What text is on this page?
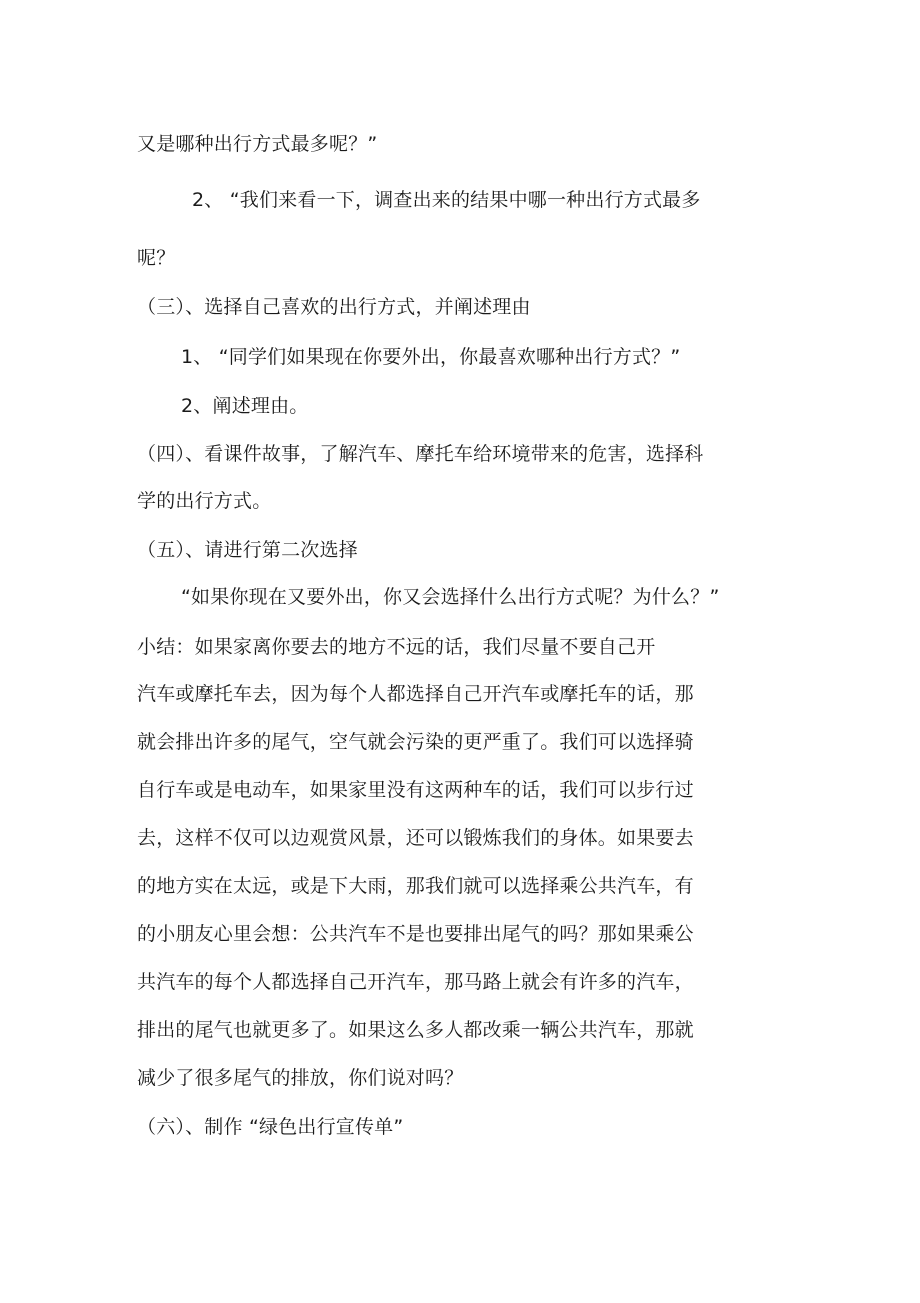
又是哪种出行方式最多呢？”
2、 “我们来看一下，调查出来的结果中哪一种出行方式最多
呢？
（三）、选择自己喜欢的出行方式，并阐述理由
1、 “同学们如果现在你要外出，你最喜欢哪种出行方式？”
2、阐述理由。
（四）、看课件故事，了解汽车、摩托车给环境带来的危害，选择科
学的出行方式。
（五）、请进行第二次选择
“如果你现在又要外出，你又会选择什么出行方式呢？为什么？”
小结：如果家离你要去的地方不远的话，我们尽量不要自己开
汽车或摩托车去，因为每个人都选择自己开汽车或摩托车的话，那
就会排出许多的尾气，空气就会污染的更严重了。我们可以选择骑
自行车或是电动车，如果家里没有这两种车的话，我们可以步行过
去，这样不仅可以边观赏风景，还可以锻炼我们的身体。如果要去
的地方实在太远，或是下大雨，那我们就可以选择乘公共汽车，有
的小朋友心里会想：公共汽车不是也要排出尾气的吗？那如果乘公
共汽车的每个人都选择自己开汽车，那马路上就会有许多的汽车，
排出的尾气也就更多了。如果这么多人都改乘一辆公共汽车，那就
减少了很多尾气的排放，你们说对吗？
（六）、制作 “绿色出行宣传单”
